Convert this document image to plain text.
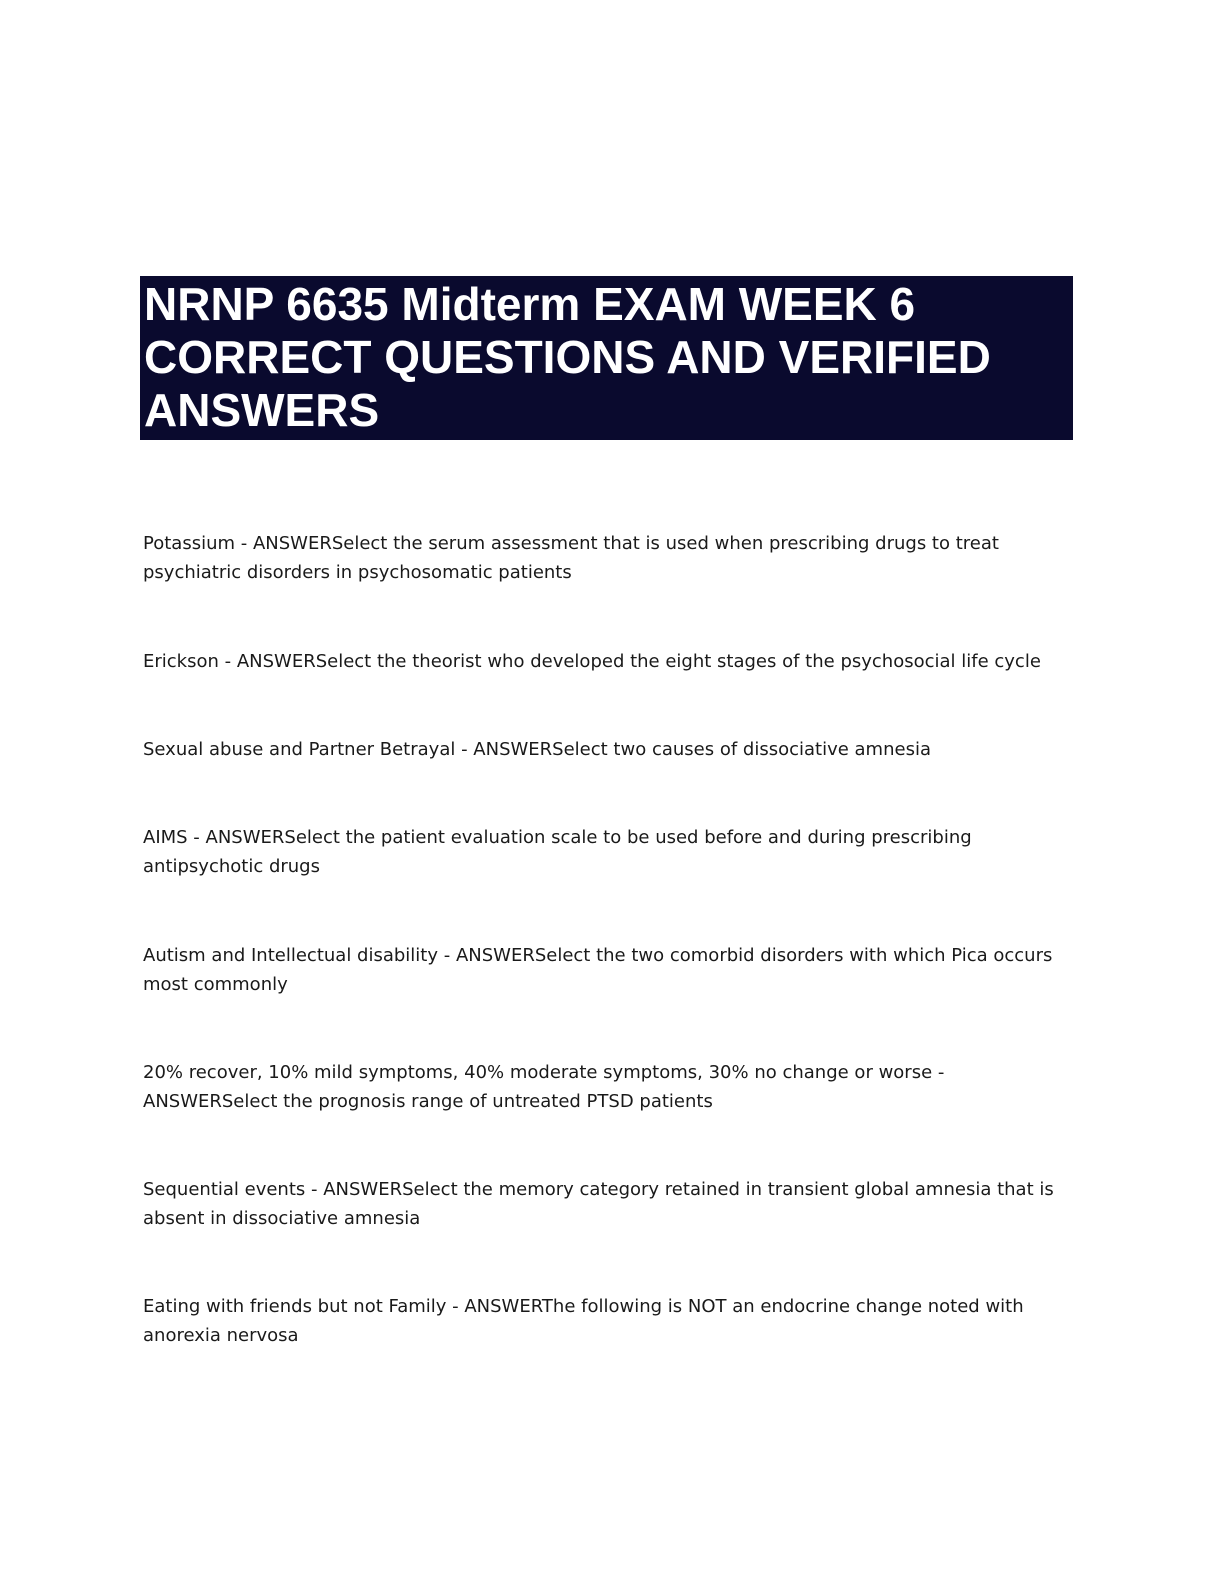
NRNP 6635 Midterm EXAM WEEK 6 CORRECT QUESTIONS AND VERIFIED ANSWERS
Potassium - ANSWERSelect the serum assessment that is used when prescribing drugs to treat psychiatric disorders in psychosomatic patients
Erickson - ANSWERSelect the theorist who developed the eight stages of the psychosocial life cycle
Sexual abuse and Partner Betrayal - ANSWERSelect two causes of dissociative amnesia
AIMS - ANSWERSelect the patient evaluation scale to be used before and during prescribing antipsychotic drugs
Autism and Intellectual disability - ANSWERSelect the two comorbid disorders with which Pica occurs most commonly
20% recover, 10% mild symptoms, 40% moderate symptoms, 30% no change or worse - ANSWERSelect the prognosis range of untreated PTSD patients
Sequential events - ANSWERSelect the memory category retained in transient global amnesia that is absent in dissociative amnesia
Eating with friends but not Family - ANSWERThe following is NOT an endocrine change noted with anorexia nervosa
